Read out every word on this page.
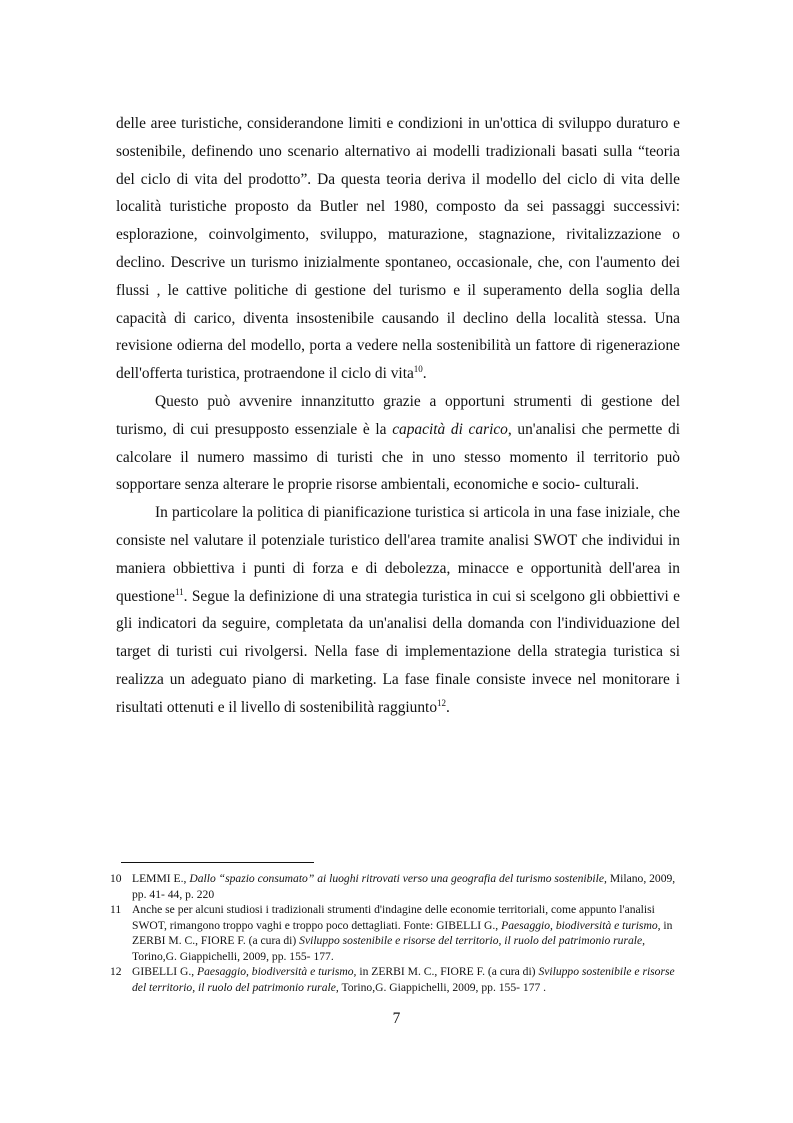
delle aree turistiche, considerandone limiti e condizioni in un'ottica di sviluppo duraturo e sostenibile, definendo uno scenario alternativo ai modelli tradizionali basati sulla “teoria del ciclo di vita del prodotto”. Da questa teoria deriva il modello del ciclo di vita delle località turistiche proposto da Butler nel 1980, composto da sei passaggi successivi: esplorazione, coinvolgimento, sviluppo, maturazione, stagnazione, rivitalizzazione o declino. Descrive un turismo inizialmente spontaneo, occasionale, che, con l'aumento dei flussi , le cattive politiche di gestione del turismo e il superamento della soglia della capacità di carico, diventa insostenibile causando il declino della località stessa. Una revisione odierna del modello, porta a vedere nella sostenibilità un fattore di rigenerazione dell'offerta turistica, protraendone il ciclo di vita$^{10}$.

Questo può avvenire innanzitutto grazie a opportuni strumenti di gestione del turismo, di cui presupposto essenziale è la capacità di carico, un'analisi che permette di calcolare il numero massimo di turisti che in uno stesso momento il territorio può sopportare senza alterare le proprie risorse ambientali, economiche e socio- culturali.

In particolare la politica di pianificazione turistica si articola in una fase iniziale, che consiste nel valutare il potenziale turistico dell'area tramite analisi SWOT che individui in maniera obbiettiva i punti di forza e di debolezza, minacce e opportunità dell'area in questione$^{11}$. Segue la definizione di una strategia turistica in cui si scelgono gli obbiettivi e gli indicatori da seguire, completata da un'analisi della domanda con l'individuazione del target di turisti cui rivolgersi. Nella fase di implementazione della strategia turistica si realizza un adeguato piano di marketing. La fase finale consiste invece nel monitorare i risultati ottenuti e il livello di sostenibilità raggiunto$^{12}$.

10 LEMMI E., Dallo “spazio consumato” ai luoghi ritrovati verso una geografia del turismo sostenibile, Milano, 2009, pp. 41- 44, p. 220
11 Anche se per alcuni studiosi i tradizionali strumenti d'indagine delle economie territoriali, come appunto l'analisi SWOT, rimangono troppo vaghi e troppo poco dettagliati. Fonte: GIBELLI G., Paesaggio, biodiversità e turismo, in ZERBI M. C., FIORE F. (a cura di) Sviluppo sostenibile e risorse del territorio, il ruolo del patrimonio rurale, Torino,G. Giappichelli, 2009, pp. 155- 177.
12 GIBELLI G., Paesaggio, biodiversità e turismo, in ZERBI M. C., FIORE F. (a cura di) Sviluppo sostenibile e risorse del territorio, il ruolo del patrimonio rurale, Torino,G. Giappichelli, 2009, pp. 155- 177 .
7
